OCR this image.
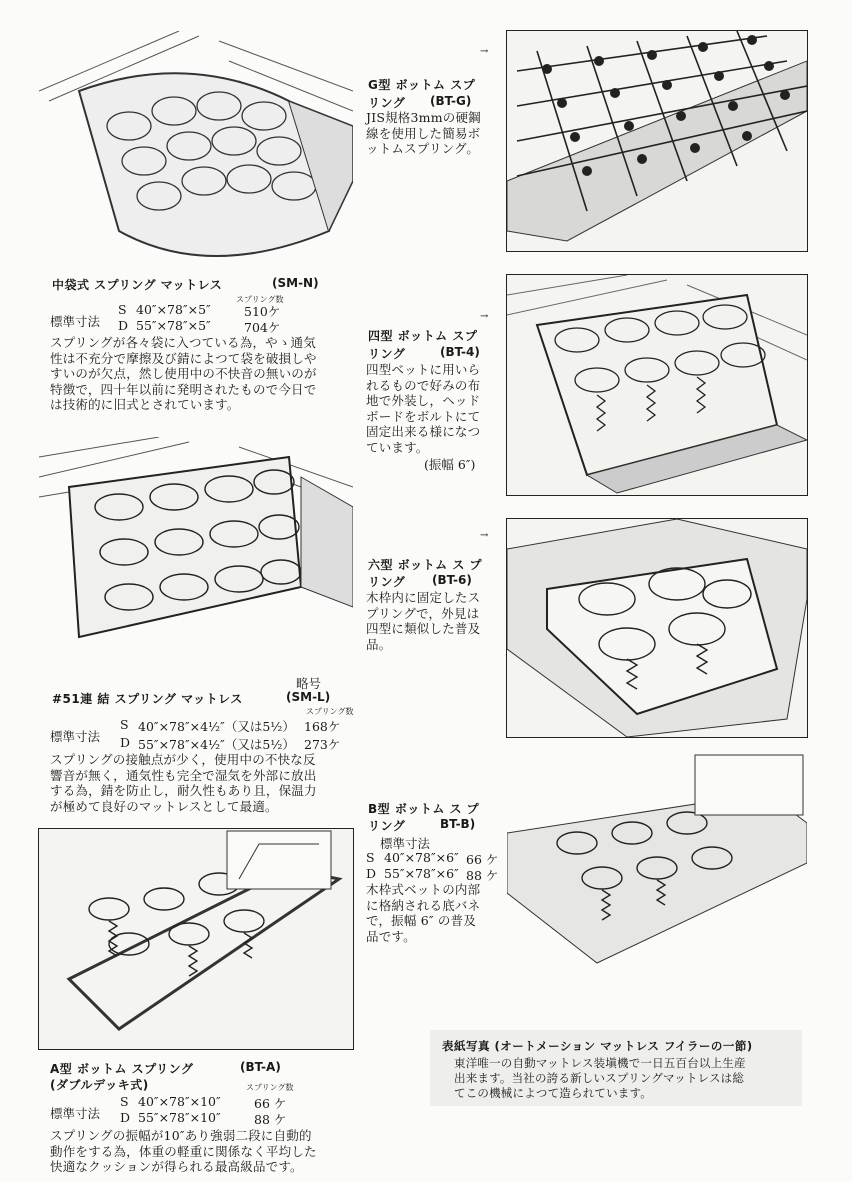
中袋式 スプリング マットレス	(SM-N)
スプリング数
標準寸法
S 40″×78″×5″	510ケ
D 55″×78″×5″	704ケ
スプリングが各々袋に入つている為，やゝ通気
性は不充分で摩擦及び錆によつて袋を破損しや
すいのが欠点，然し使用中の不快音の無いのが
特徴で，四十年以前に発明されたもので今日で
は技術的に旧式とされています。
略号
#51連 結 スプリング マットレス	(SM-L)
スプリング数
標準寸法
S 40″×78″×4½″（又は5½） 168ケ
D 55″×78″×4½″（又は5½） 273ケ
スプリングの接触点が少く，使用中の不快な反
響音が無く，通気性も完全で湿気を外部に放出
する為，錆を防止し，耐久性もあり且，保温力
が極めて良好のマットレスとして最適。
A型 ボットム スプリング	(BT-A)
(ダブルデッキ式)	スプリング数
標準寸法
S 40″×78″×10″	66 ケ
D 55″×78″×10″	88 ケ
スプリングの振幅が10″あり強弱二段に自動的
動作をする為，体重の軽重に関係なく平均した
快適なクッションが得られる最高級品です。
→
G型 ボットム スプ
リング (BT-G)
JIS規格3mmの硬鋼
線を使用した簡易ボ
ットムスプリング。
→
四型 ボットム スプ
リング	(BT-4)
四型ベットに用いら
れるもので好みの布
地で外装し，ヘッド
ボードをボルトにて
固定出来る様になつ
ています。
(振幅 6″)
→
六型 ボットム ス プ
リング (BT-6)
木枠内に固定したス
プリングで，外見は
四型に類似した普及
品。
B型 ボットム ス プ
リング	BT-B)
標準寸法
S 40″×78″×6″ 66 ケ
D 55″×78″×6″ 88 ケ
木枠式ベットの内部
に格納される底バネ
で，振幅 6″ の普及
品です。
表紙写真 (オートメーション マットレス フイラーの一節)
東洋唯一の自動マットレス装塡機で一日五百台以上生産
出来ます。当社の誇る新しいスプリングマットレスは総
てこの機械によつて造られています。
